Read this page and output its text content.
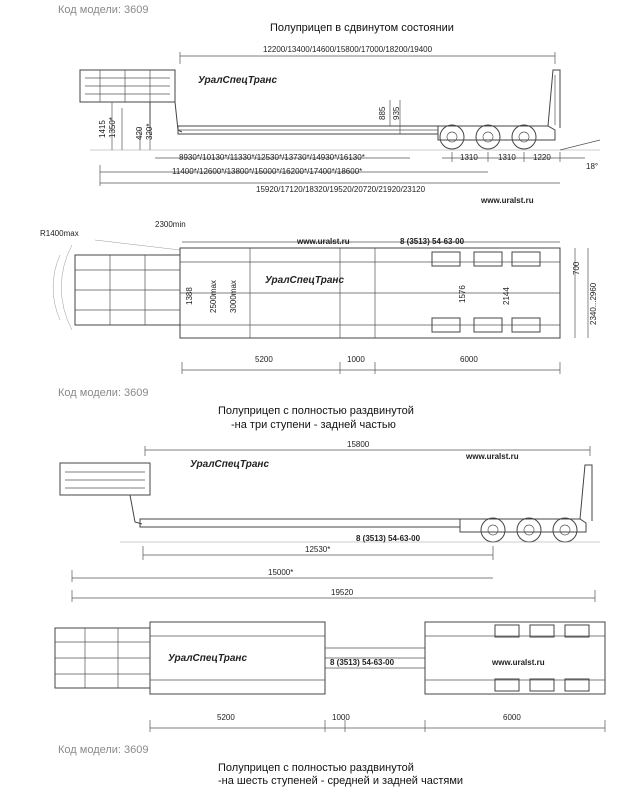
Код модели: 3609
Код модели: 3609
Код модели: 3609
Полуприцеп в сдвинутом состоянии
12200/13400/14600/15800/17000/18200/19400
УралСпецТранс
885 935
1415 1350* 420 320*
8930*/10130*/11330*/12530*/13730*/14930*/16130*	1310	1310 1220
18°
11400*/12600*/13800*/15000*/16200*/17400*/18600*
15920/17120/18320/19520/20720/21920/23120
www.uralst.ru
R1400max
2300min
www.uralst.ru	8 (3513) 54-63-00
1388 2500max 3000max	УралСпецТранс
1576	2144
700
2340...2960
5200	1000	6000
Полуприцеп с полностью раздвинутой
-на три ступени - задней частью
15800
www.uralst.ru
УралСпецТранс
8 (3513) 54-63-00
12530*
15000*
19520
УралСпецТранс	8 (3513) 54-63-00	www.uralst.ru
5200	1000	6000
Полуприцеп с полностью раздвинутой
-на шесть ступеней - средней и задней частями
